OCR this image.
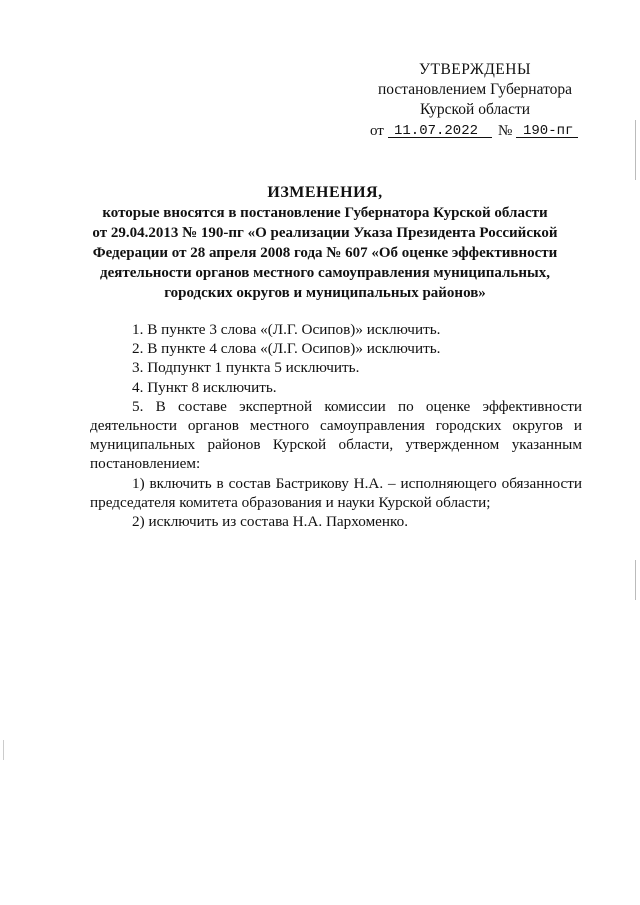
УТВЕРЖДЕНЫ
постановлением Губернатора
Курской области
от 11.07.2022 № 190-пг
ИЗМЕНЕНИЯ,
которые вносятся в постановление Губернатора Курской области
от 29.04.2013 № 190-пг «О реализации Указа Президента Российской
Федерации от 28 апреля 2008 года № 607 «Об оценке эффективности
деятельности органов местного самоуправления муниципальных,
городских округов и муниципальных районов»

1. В пункте 3 слова «(Л.Г. Осипов)» исключить.

2. В пункте 4 слова «(Л.Г. Осипов)» исключить.

3. Подпункт 1 пункта 5 исключить.

4. Пункт 8 исключить.

5. В составе экспертной комиссии по оценке эффективности деятельности органов местного самоуправления городских округов и муниципальных районов Курской области, утвержденном указанным постановлением:

1) включить в состав Бастрикову Н.А. – исполняющего обязанности председателя комитета образования и науки Курской области;

2) исключить из состава Н.А. Пархоменко.
